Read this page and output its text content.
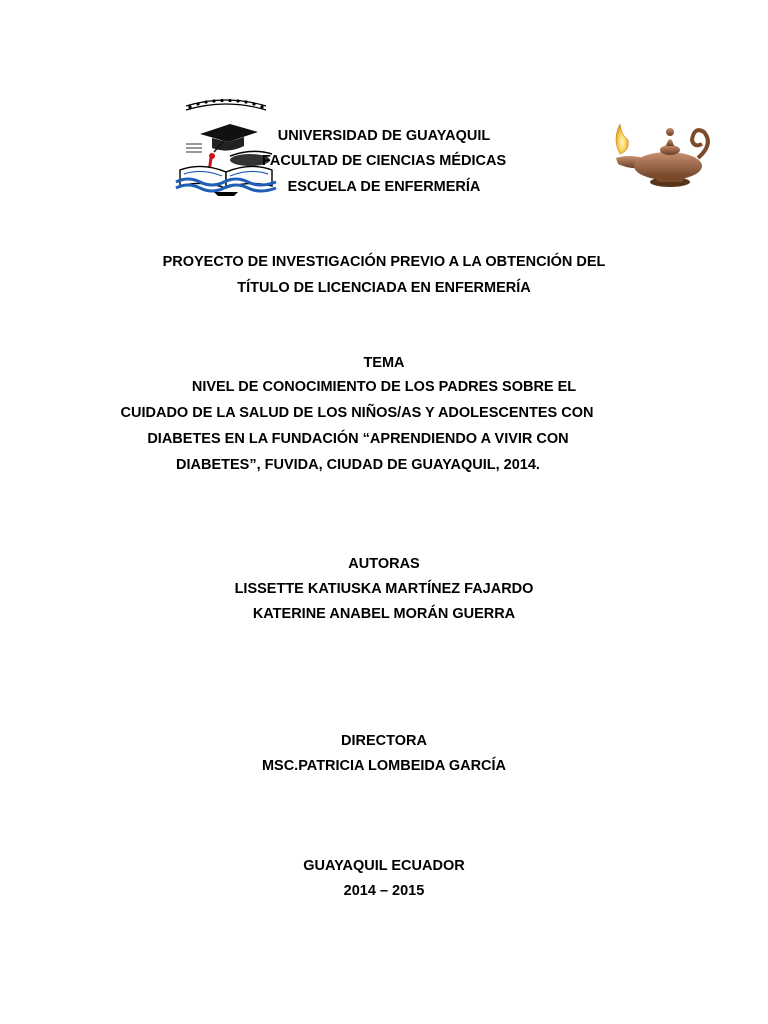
UNIVERSIDAD DE GUAYAQUIL
FACULTAD DE CIENCIAS MÉDICAS
ESCUELA DE ENFERMERÍA
PROYECTO DE INVESTIGACIÓN PREVIO A LA OBTENCIÓN DEL
TÍTULO DE LICENCIADA EN ENFERMERÍA
TEMA
NIVEL DE CONOCIMIENTO DE LOS PADRES SOBRE EL
CUIDADO DE LA SALUD DE LOS NIÑOS/AS Y ADOLESCENTES CON
DIABETES EN LA FUNDACIÓN “APRENDIENDO A VIVIR CON
DIABETES”, FUVIDA, CIUDAD DE GUAYAQUIL, 2014.
AUTORAS
LISSETTE KATIUSKA MARTÍNEZ FAJARDO
KATERINE ANABEL MORÁN GUERRA
DIRECTORA
MSC.PATRICIA LOMBEIDA GARCÍA
GUAYAQUIL ECUADOR
2014 – 2015
